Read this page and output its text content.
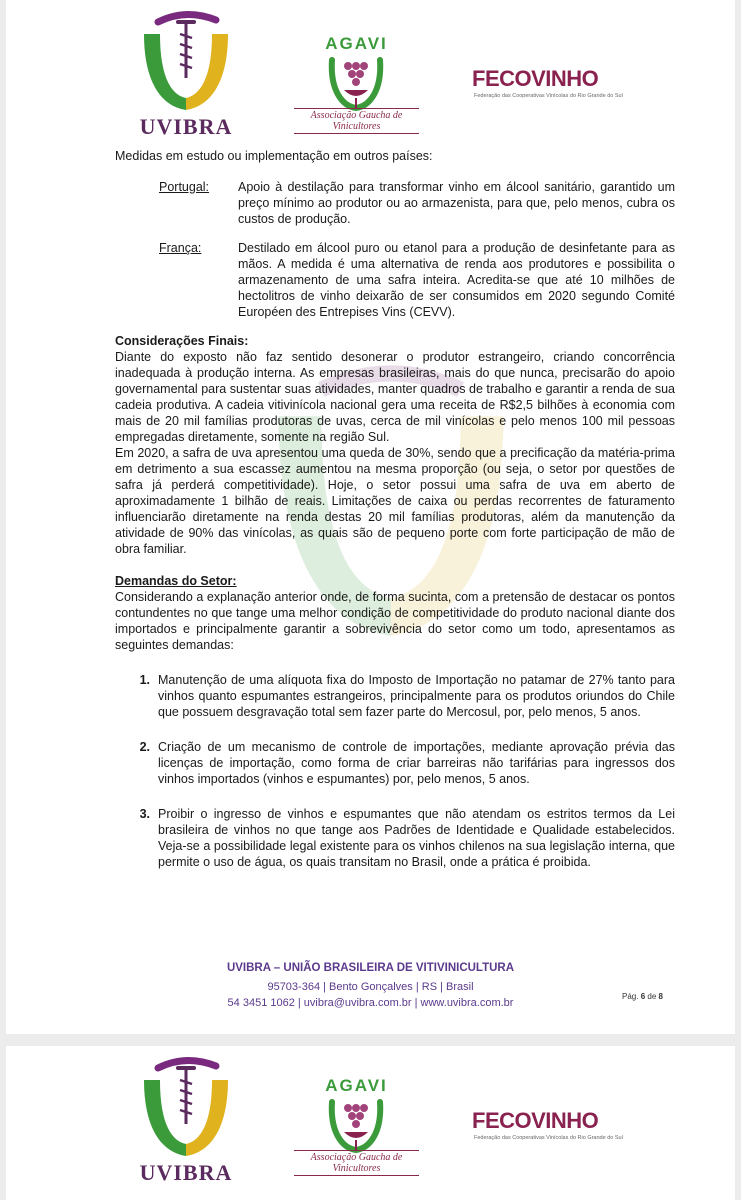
UVIBRA
AGAVI
Associação Gaucha de Vinicultores
FECOVINHO
Federação das Cooperativas Vinícolas do Rio Grande do Sul

Medidas em estudo ou implementação em outros países:

Portugal:	Apoio à destilação para transformar vinho em álcool sanitário, garantido um preço mínimo ao produtor ou ao armazenista, para que, pelo menos, cubra os custos de produção.
França:	Destilado em álcool puro ou etanol para a produção de desinfetante para as mãos. A medida é uma alternativa de renda aos produtores e possibilita o armazenamento de uma safra inteira. Acredita-se que até 10 milhões de hectolitros de vinho deixarão de ser consumidos em 2020 segundo Comité Européen des Entrepises Vins (CEVV).
Considerações Finais:

Diante do exposto não faz sentido desonerar o produtor estrangeiro, criando concorrência inadequada à produção interna. As empresas brasileiras, mais do que nunca, precisarão do apoio governamental para sustentar suas atividades, manter quadros de trabalho e garantir a renda de sua cadeia produtiva. A cadeia vitivinícola nacional gera uma receita de R$2,5 bilhões à economia com mais de 20 mil famílias produtoras de uvas, cerca de mil vinícolas e pelo menos 100 mil pessoas empregadas diretamente, somente na região Sul.

Em 2020, a safra de uva apresentou uma queda de 30%, sendo que a precificação da matéria-prima em detrimento a sua escassez aumentou na mesma proporção (ou seja, o setor por questões de safra já perderá competitividade). Hoje, o setor possui uma safra de uva em aberto de aproximadamente 1 bilhão de reais. Limitações de caixa ou perdas recorrentes de faturamento influenciarão diretamente na renda destas 20 mil famílias produtoras, além da manutenção da atividade de 90% das vinícolas, as quais são de pequeno porte com forte participação de mão de obra familiar.

Demandas do Setor:

Considerando a explanação anterior onde, de forma sucinta, com a pretensão de destacar os pontos contundentes no que tange uma melhor condição de competitividade do produto nacional diante dos importados e principalmente garantir a sobrevivência do setor como um todo, apresentamos as seguintes demandas:

1. Manutenção de uma alíquota fixa do Imposto de Importação no patamar de 27% tanto para vinhos quanto espumantes estrangeiros, principalmente para os produtos oriundos do Chile que possuem desgravação total sem fazer parte do Mercosul, por, pelo menos, 5 anos.
2. Criação de um mecanismo de controle de importações, mediante aprovação prévia das licenças de importação, como forma de criar barreiras não tarifárias para ingressos dos vinhos importados (vinhos e espumantes) por, pelo menos, 5 anos.
3. Proibir o ingresso de vinhos e espumantes que não atendam os estritos termos da Lei brasileira de vinhos no que tange aos Padrões de Identidade e Qualidade estabelecidos. Veja-se a possibilidade legal existente para os vinhos chilenos na sua legislação interna, que permite o uso de água, os quais transitam no Brasil, onde a prática é proibida.
UVIBRA – UNIÃO BRASILEIRA DE VITIVINICULTURA
95703-364 | Bento Gonçalves | RS | Brasil
54 3451 1062 | uvibra@uvibra.com.br | www.uvibra.com.br
Pág. 6 de 8
UVIBRA
AGAVI
Associação Gaucha de Vinicultores
FECOVINHO
Federação das Cooperativas Vinícolas do Rio Grande do Sul
